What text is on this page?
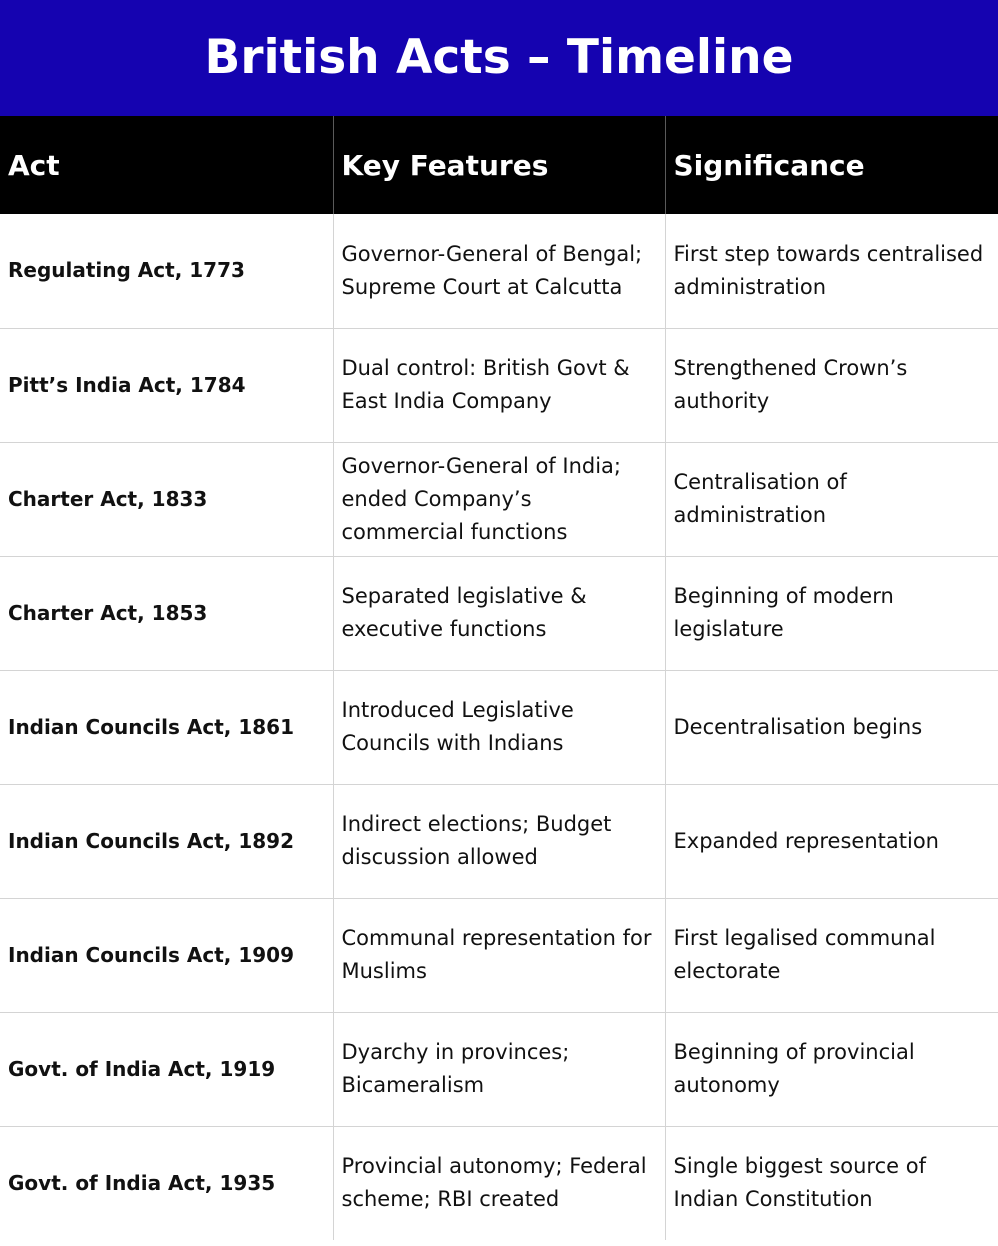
British Acts – Timeline
Act	Key Features	Significance
Regulating Act, 1773	Governor-General of Bengal; Supreme Court at Calcutta	First step towards centralised administration
Pitt’s India Act, 1784	Dual control: British Govt & East India Company	Strengthened Crown’s authority
Charter Act, 1833	Governor-General of India; ended Company’s commercial functions	Centralisation of administration
Charter Act, 1853	Separated legislative & executive functions	Beginning of modern legislature
Indian Councils Act, 1861	Introduced Legislative Councils with Indians	Decentralisation begins
Indian Councils Act, 1892	Indirect elections; Budget discussion allowed	Expanded representation
Indian Councils Act, 1909	Communal representation for Muslims	First legalised communal electorate
Govt. of India Act, 1919	Dyarchy in provinces; Bicameralism	Beginning of provincial autonomy
Govt. of India Act, 1935	Provincial autonomy; Federal scheme; RBI created	Single biggest source of Indian Constitution
